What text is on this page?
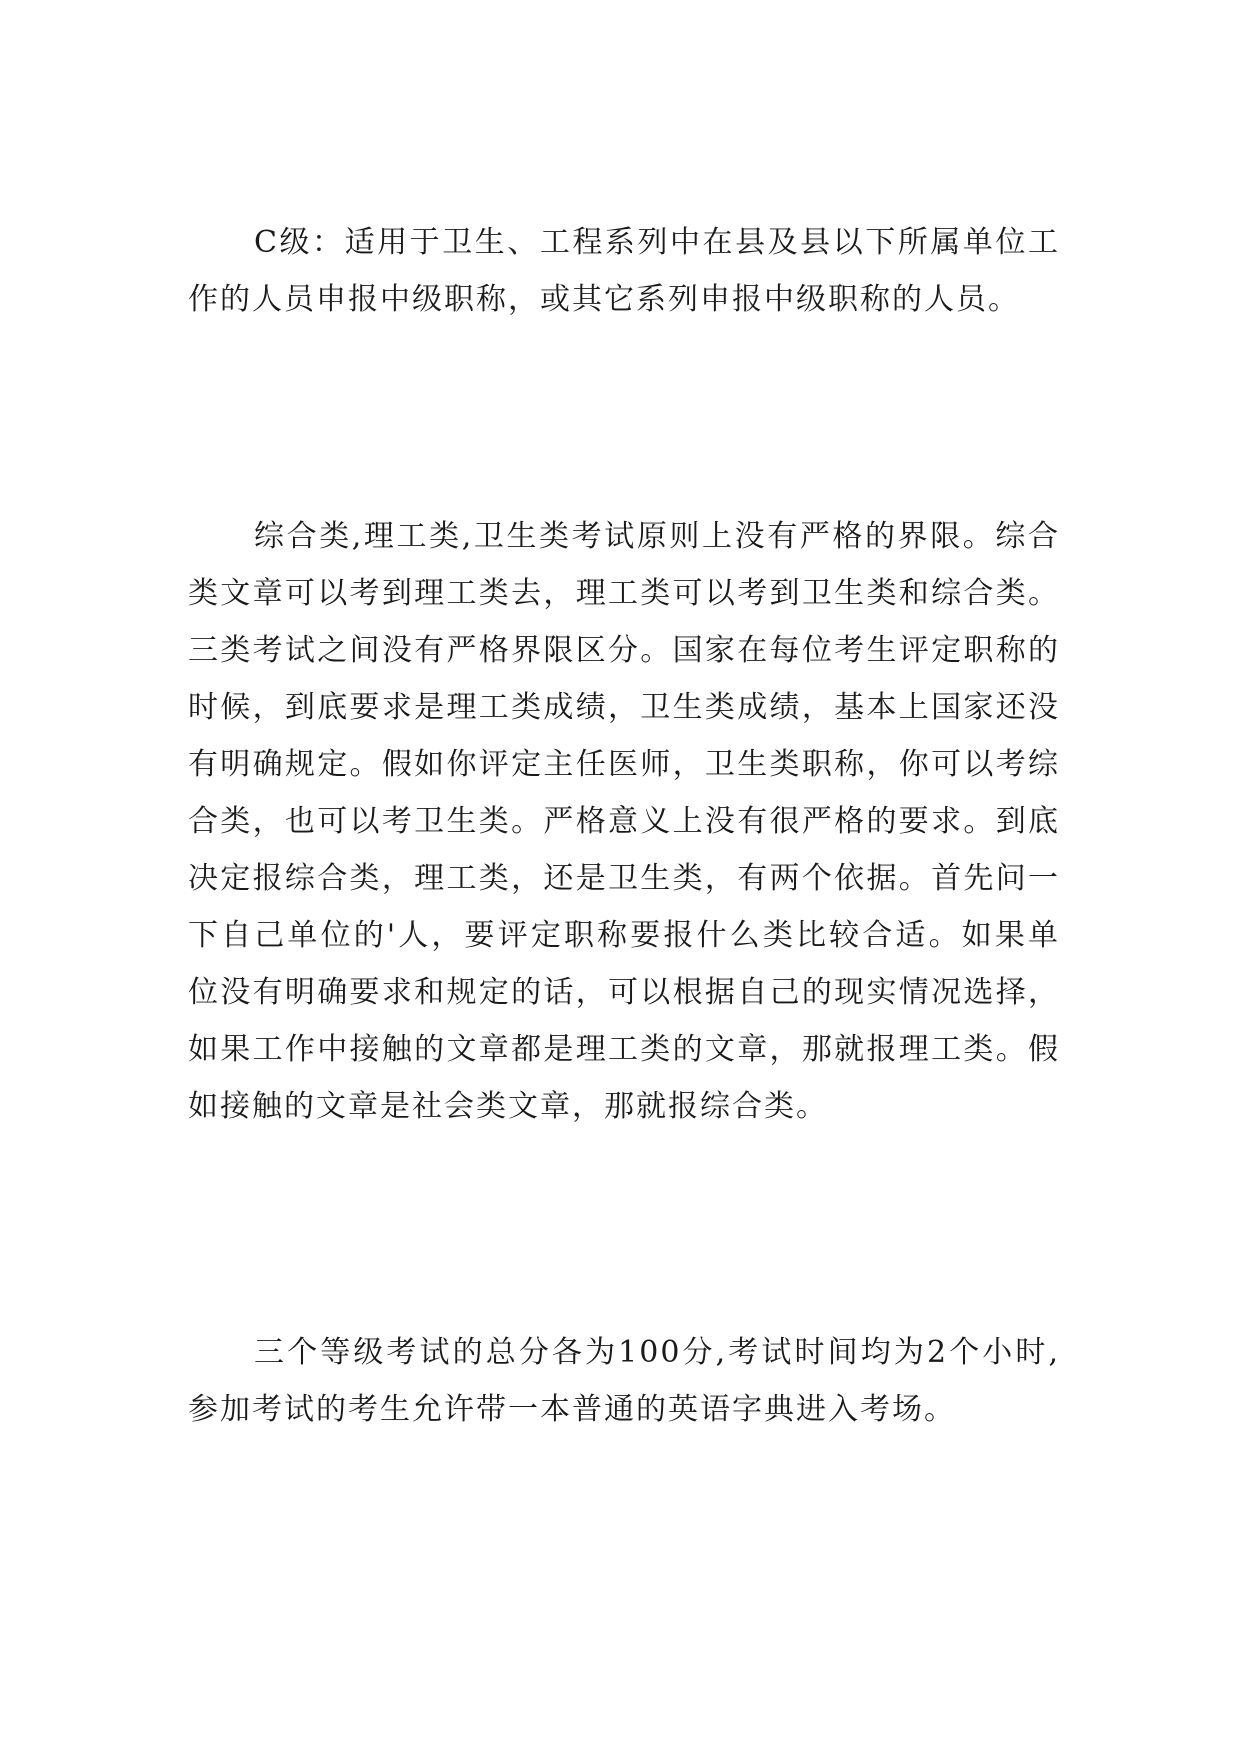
C级：适用于卫生、工程系列中在县及县以下所属单位工作的人员申报中级职称，或其它系列申报中级职称的人员。

综合类,理工类,卫生类考试原则上没有严格的界限。综合类文章可以考到理工类去，理工类可以考到卫生类和综合类。三类考试之间没有严格界限区分。国家在每位考生评定职称的时候，到底要求是理工类成绩，卫生类成绩，基本上国家还没有明确规定。假如你评定主任医师，卫生类职称，你可以考综合类，也可以考卫生类。严格意义上没有很严格的要求。到底决定报综合类，理工类，还是卫生类，有两个依据。首先问一下自己单位的'人，要评定职称要报什么类比较合适。如果单位没有明确要求和规定的话，可以根据自己的现实情况选择，如果工作中接触的文章都是理工类的文章，那就报理工类。假如接触的文章是社会类文章，那就报综合类。

三个等级考试的总分各为100分,考试时间均为2个小时,参加考试的考生允许带一本普通的英语字典进入考场。
